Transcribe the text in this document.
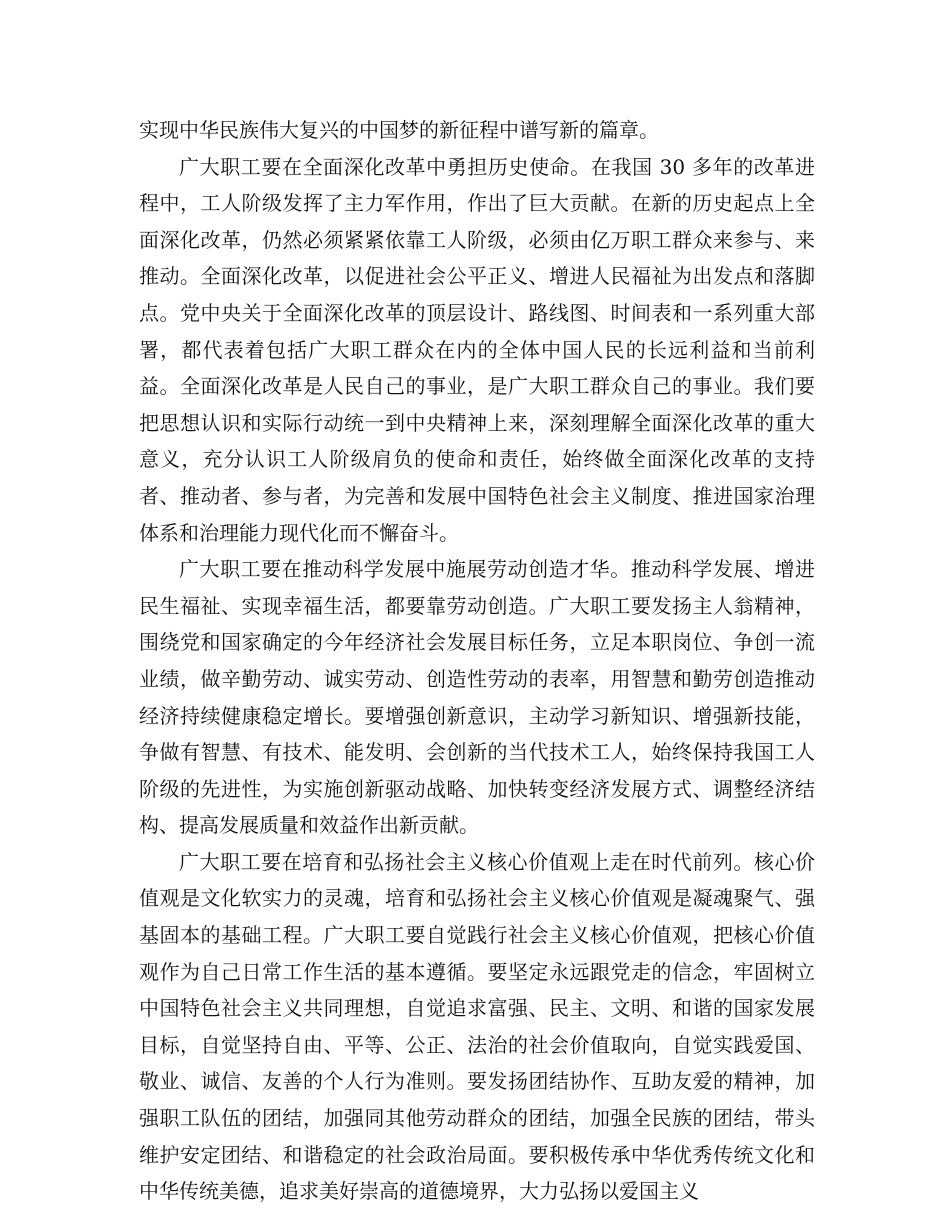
实现中华民族伟大复兴的中国梦的新征程中谱写新的篇章。

广大职工要在全面深化改革中勇担历史使命。在我国 30 多年的改革进程中，工人阶级发挥了主力军作用，作出了巨大贡献。在新的历史起点上全面深化改革，仍然必须紧紧依靠工人阶级，必须由亿万职工群众来参与、来推动。全面深化改革，以促进社会公平正义、增进人民福祉为出发点和落脚点。党中央关于全面深化改革的顶层设计、路线图、时间表和一系列重大部署，都代表着包括广大职工群众在内的全体中国人民的长远利益和当前利益。全面深化改革是人民自己的事业，是广大职工群众自己的事业。我们要把思想认识和实际行动统一到中央精神上来，深刻理解全面深化改革的重大意义，充分认识工人阶级肩负的使命和责任，始终做全面深化改革的支持者、推动者、参与者，为完善和发展中国特色社会主义制度、推进国家治理体系和治理能力现代化而不懈奋斗。

广大职工要在推动科学发展中施展劳动创造才华。推动科学发展、增进民生福祉、实现幸福生活，都要靠劳动创造。广大职工要发扬主人翁精神，围绕党和国家确定的今年经济社会发展目标任务，立足本职岗位、争创一流业绩，做辛勤劳动、诚实劳动、创造性劳动的表率，用智慧和勤劳创造推动经济持续健康稳定增长。要增强创新意识，主动学习新知识、增强新技能，争做有智慧、有技术、能发明、会创新的当代技术工人，始终保持我国工人阶级的先进性，为实施创新驱动战略、加快转变经济发展方式、调整经济结构、提高发展质量和效益作出新贡献。

广大职工要在培育和弘扬社会主义核心价值观上走在时代前列。核心价值观是文化软实力的灵魂，培育和弘扬社会主义核心价值观是凝魂聚气、强基固本的基础工程。广大职工要自觉践行社会主义核心价值观，把核心价值观作为自己日常工作生活的基本遵循。要坚定永远跟党走的信念，牢固树立中国特色社会主义共同理想，自觉追求富强、民主、文明、和谐的国家发展目标，自觉坚持自由、平等、公正、法治的社会价值取向，自觉实践爱国、敬业、诚信、友善的个人行为准则。要发扬团结协作、互助友爱的精神，加强职工队伍的团结，加强同其他劳动群众的团结，加强全民族的团结，带头维护安定团结、和谐稳定的社会政治局面。要积极传承中华优秀传统文化和中华传统美德，追求美好崇高的道德境界，大力弘扬以爱国主义
